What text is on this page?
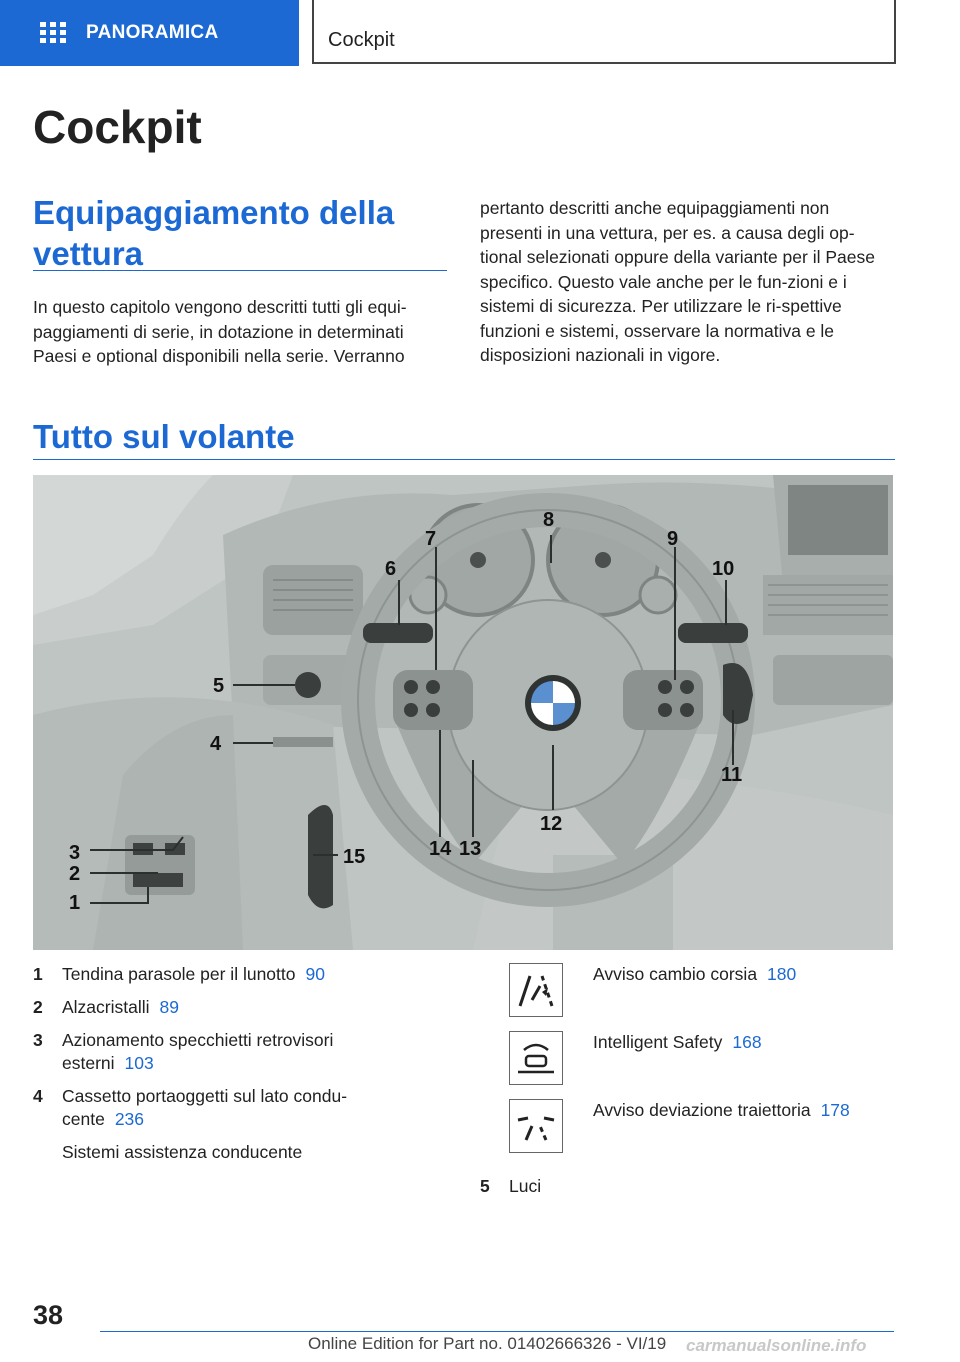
PANORAMICA	Cockpit
Cockpit
Equipaggiamento della vettura

In questo capitolo vengono descritti tutti gli equi-paggiamenti di serie, in dotazione in determinati Paesi e optional disponibili nella serie. Verranno

pertanto descritti anche equipaggiamenti non presenti in una vettura, per es. a causa degli op-tional selezionati oppure della variante per il Paese specifico. Questo vale anche per le fun-zioni e i sistemi di sicurezza. Per utilizzare le ri-spettive funzioni e sistemi, osservare la normativa e le disposizioni nazionali in vigore.

Tutto sul volante
1
2
3
4
5
6
7
8
9
10
11
12
13
14
15
1 Tendina parasole per il lunotto 90
2 Alzacristalli 89
3 Azionamento specchietti retrovisori esterni 103
4 Cassetto portaoggetti sul lato condu-cente 236
Sistemi assistenza conducente
Avviso cambio corsia 180
Intelligent Safety 168
Avviso deviazione traiettoria 178
5 Luci
38
Online Edition for Part no. 01402666326 - VI/19 carmanualsonline.info
